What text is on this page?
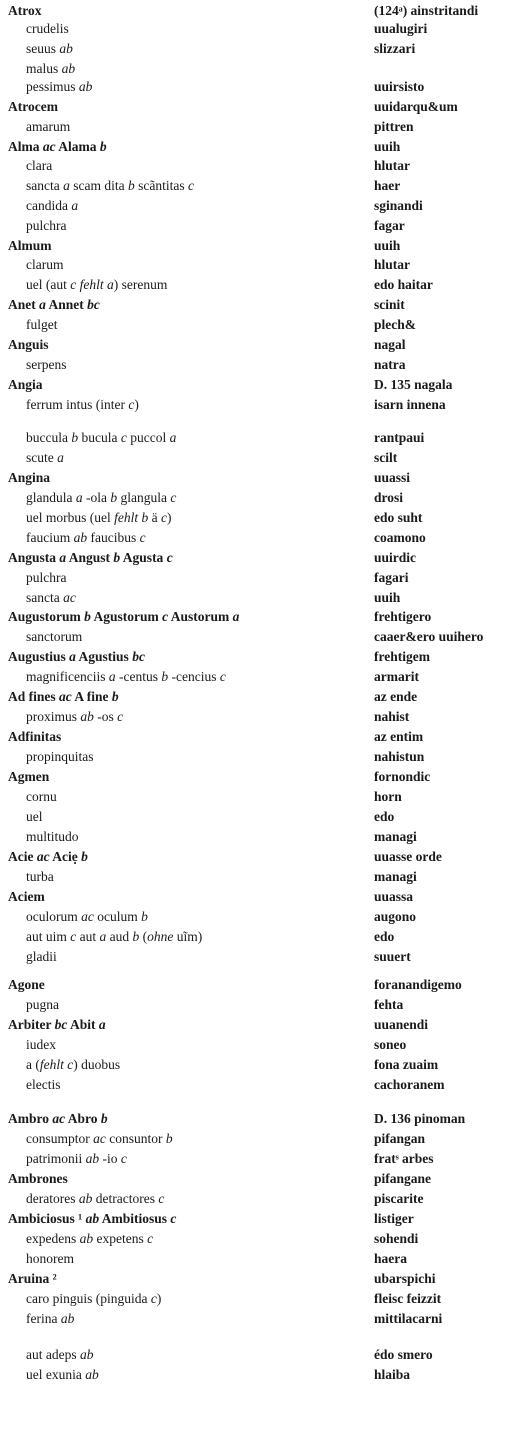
Atrox	(124ᵃ) ainstritandi
crudelis	uualugiri
seuus ab	slizzari
malus ab
pessimus ab	uuirsisto
Atrocem	uuidarqu&um
amarum	pittren
Alma ac Alama b	uuih
clara	hlutar
sancta a scam dita b scãntitas c	haer
candida a	sginandi
pulchra	fagar
Almum	uuih
clarum	hlutar
uel (aut c fehlt a) serenum	edo haitar
Anet a Annet bc	scinit
fulget	plech&
Anguis	nagal
serpens	natra
Angia	D. 135 nagala
ferrum intus (inter c)	isarn innena
buccula b bucula c puccol a	rantpaui
scute a	scilt
Angina	uuassi
glandula a -ola b glangula c	drosi
uel morbus (uel fehlt b ä c)	edo suht
faucium ab faucibus c	coamono
Angusta a Angust b Agusta c	uuirdic
pulchra	fagari
sancta ac	uuih
Augustorum b Agustorum c Austorum a	frehtigero
sanctorum	caaer&ero uuihero
Augustius a Agustius bc	frehtigem
magnificenciis a -centus b -cencius c	armarit
Ad fines ac A fine b	az ende
proximus ab -os c	nahist
Adfinitas	az entim
propinquitas	nahistun
Agmen	fornondic
cornu	horn
uel	edo
multitudo	managi
Acie ac Aciẹ b	uuasse orde
turba	managi
Aciem	uuassa
oculorum ac oculum b	augono
aut uim c aut a aud b (ohne uĩm)	edo
gladii	suuert
Agone	foranandigemo
pugna	fehta
Arbiter bc Abit a	uuanendi
iudex	soneo
a (fehlt c) duobus	fona zuaim
electis	cachoranem
Ambro ac Abro b	D. 136 pinoman
consumptor ac consuntor b	pifangan
patrimonii ab -io c	fratˢ arbes
Ambrones	pifangane
deratores ab detractores c	piscarite
Ambiciosus ¹ ab Ambitiosus c	listiger
expedens ab expetens c	sohendi
honorem	haera
Aruina ²	ubarspichi
caro pinguis (pinguida c)	fleisc feizzit
ferina ab	mittilacarni
aut adeps ab	édo smero
uel exunia ab	hlaiba
